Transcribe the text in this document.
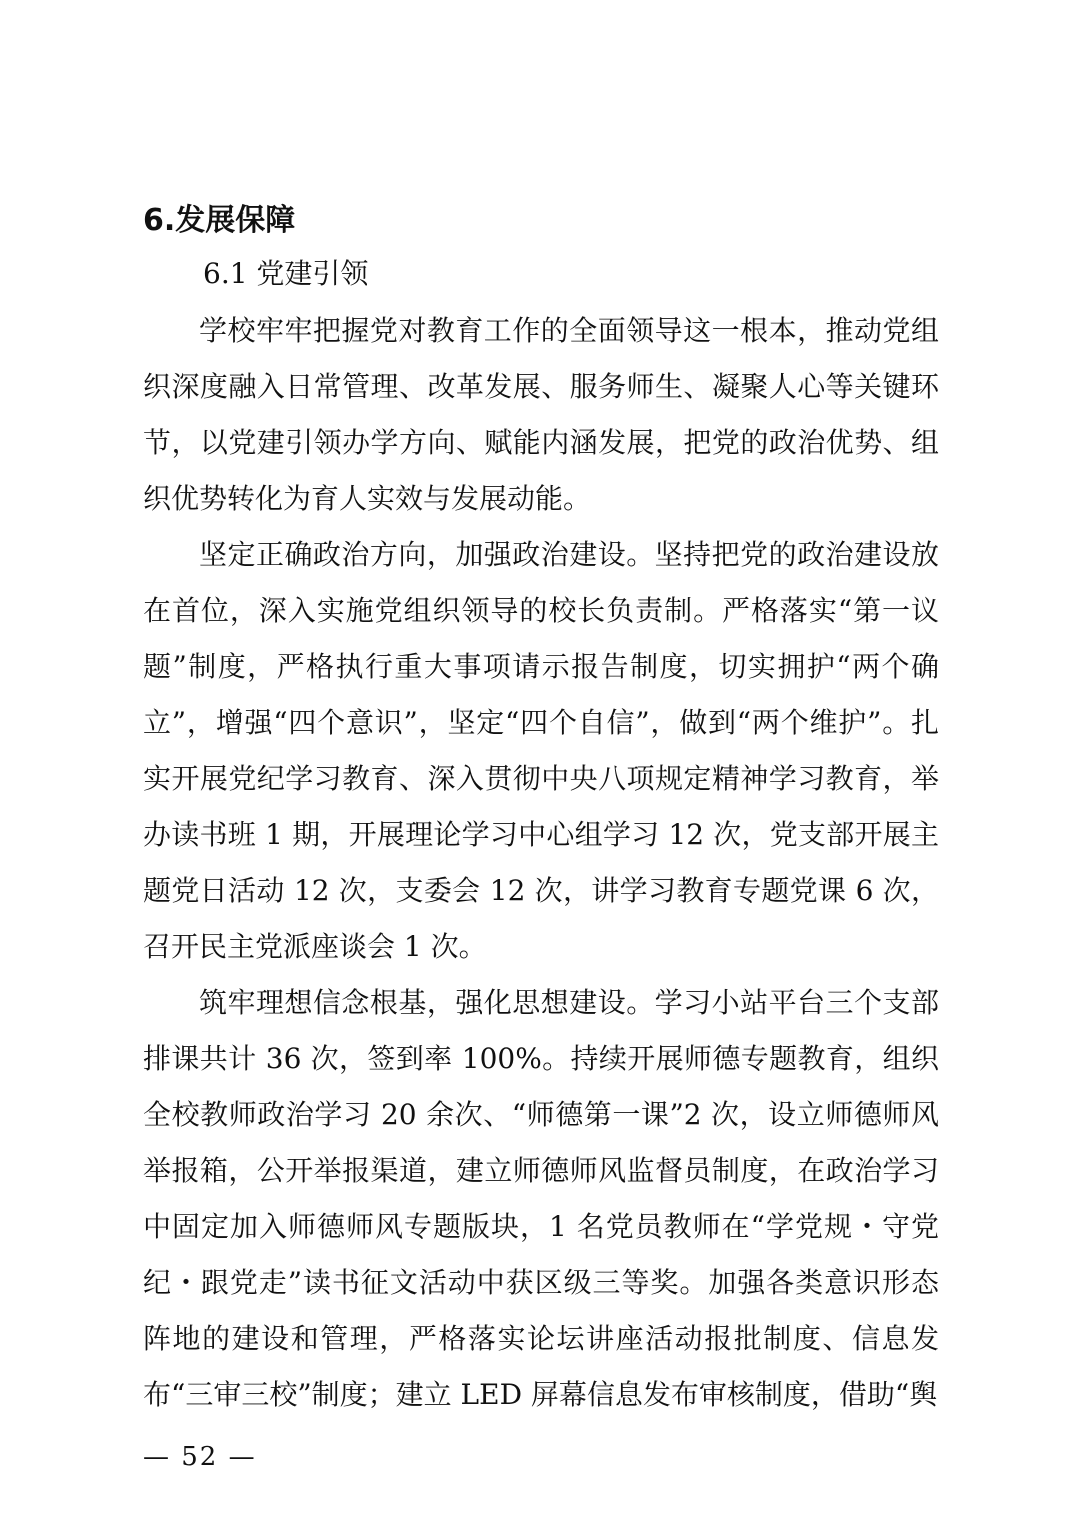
6.发展保障
6.1 党建引领

学校牢牢把握党对教育工作的全面领导这一根本，推动党组织深度融入日常管理、改革发展、服务师生、凝聚人心等关键环节，以党建引领办学方向、赋能内涵发展，把党的政治优势、组织优势转化为育人实效与发展动能。

坚定正确政治方向，加强政治建设。坚持把党的政治建设放在首位，深入实施党组织领导的校长负责制。严格落实“第一议题”制度，严格执行重大事项请示报告制度，切实拥护“两个确立”，增强“四个意识”，坚定“四个自信”，做到“两个维护”。扎实开展党纪学习教育、深入贯彻中央八项规定精神学习教育，举办读书班 1 期，开展理论学习中心组学习 12 次，党支部开展主题党日活动 12 次，支委会 12 次，讲学习教育专题党课 6 次，召开民主党派座谈会 1 次。

筑牢理想信念根基，强化思想建设。学习小站平台三个支部排课共计 36 次，签到率 100%。持续开展师德专题教育，组织全校教师政治学习 20 余次、“师德第一课”2 次，设立师德师风举报箱，公开举报渠道，建立师德师风监督员制度，在政治学习中固定加入师德师风专题版块，1 名党员教师在“学党规・守党纪・跟党走”读书征文活动中获区级三等奖。加强各类意识形态阵地的建设和管理，严格落实论坛讲座活动报批制度、信息发布“三审三校”制度；建立 LED 屏幕信息发布审核制度，借助“舆

— 52 —
